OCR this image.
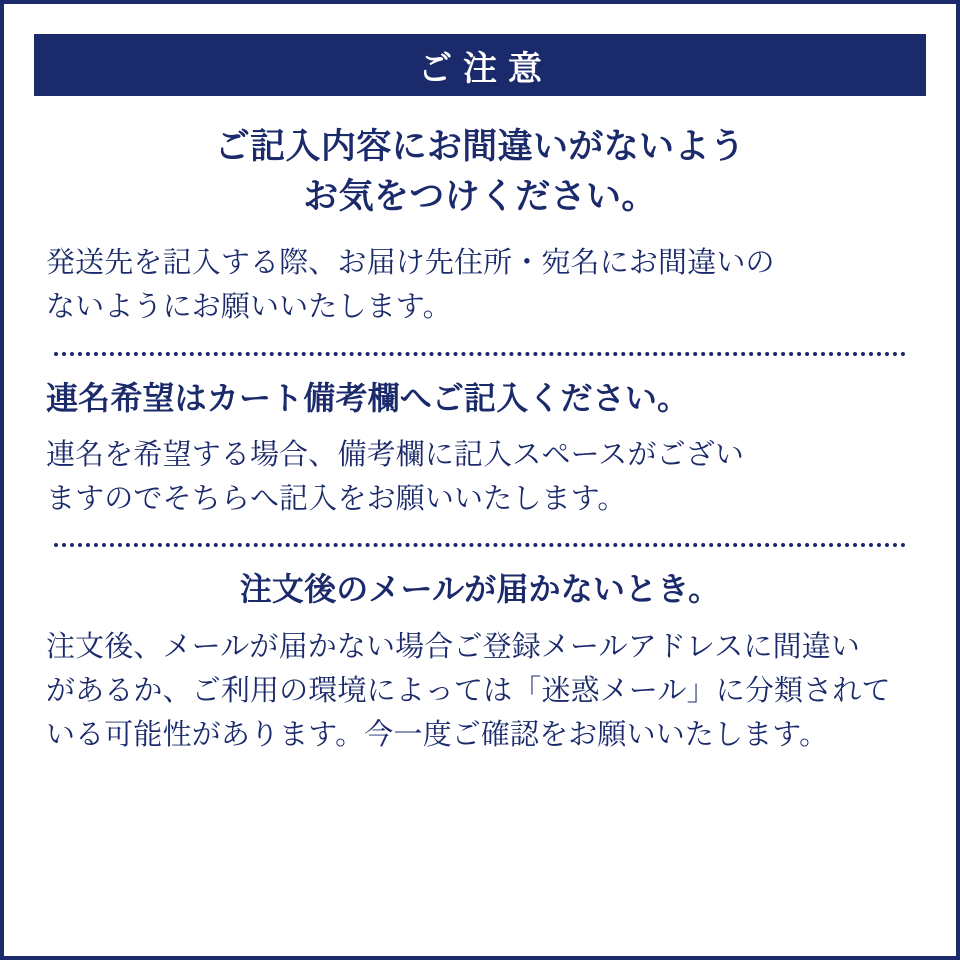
ご注意
ご記入内容にお間違いがないよう
お気をつけください。
発送先を記入する際、お届け先住所・宛名にお間違いの
ないようにお願いいたします。
連名希望はカート備考欄へご記入ください。
連名を希望する場合、備考欄に記入スペースがござい
ますのでそちらへ記入をお願いいたします。
注文後のメールが届かないとき。
注文後、メールが届かない場合ご登録メールアドレスに間違い
があるか、ご利用の環境によっては「迷惑メール」に分類されて
いる可能性があります。今一度ご確認をお願いいたします。
